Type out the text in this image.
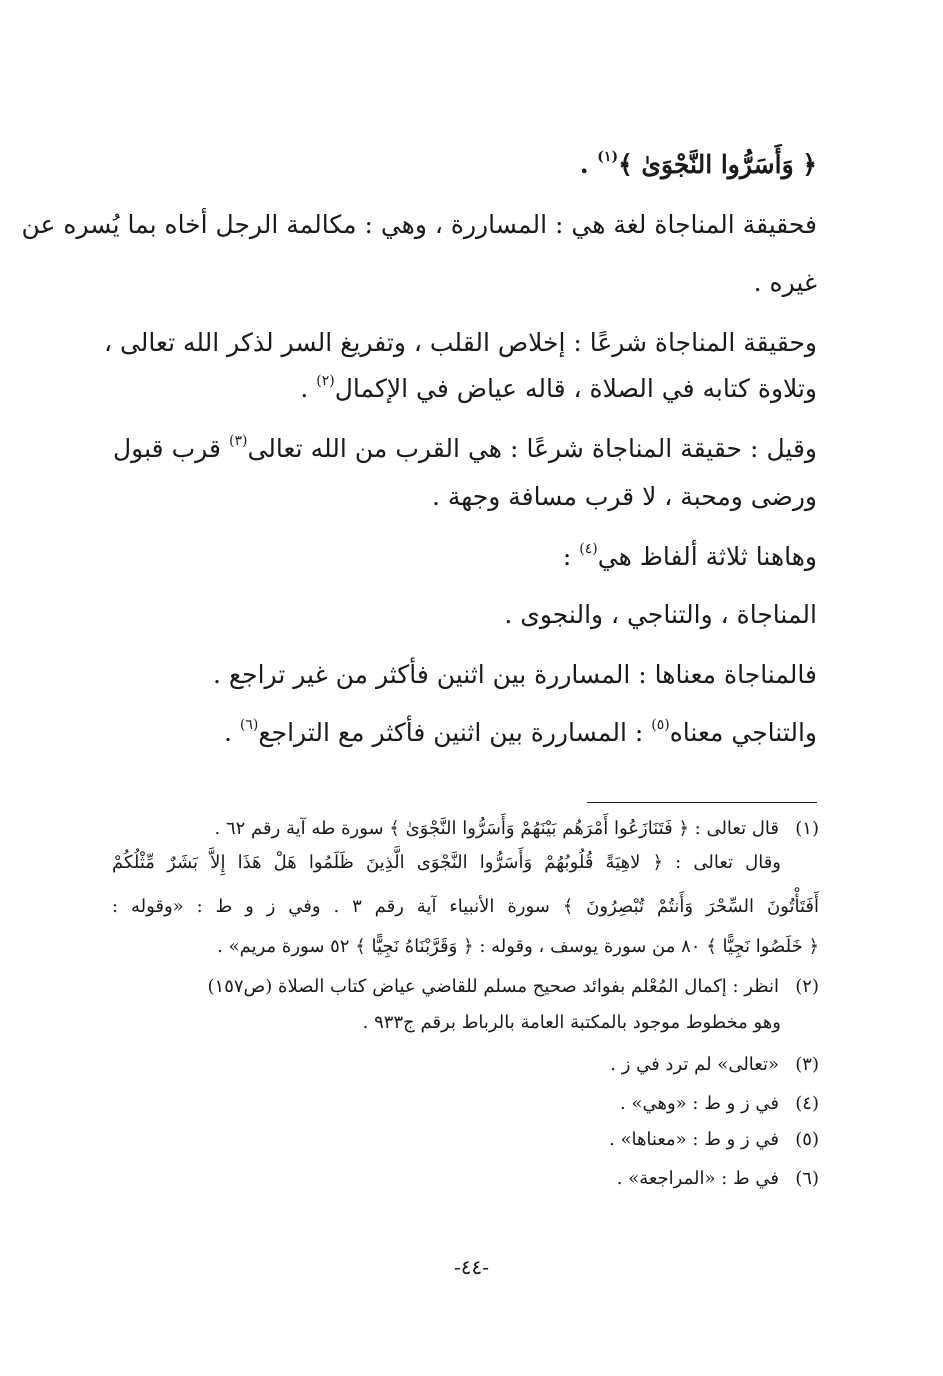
﴿ وَأَسَرُّوا النَّجْوَىٰ ﴾$^{(١)}$ .
فحقيقة المناجاة لغة هي : المساررة ، وهي : مكالمة الرجل أخاه بما يُسره عن
غيره .
وحقيقة المناجاة شرعًا : إخلاص القلب ، وتفريغ السر لذكر الله تعالى ،
وتلاوة كتابه في الصلاة ، قاله عياض في الإكمال$^{(٢)}$ .
وقيل : حقيقة المناجاة شرعًا : هي القرب من الله تعالى$^{(٣)}$ قرب قبول
ورضى ومحبة ، لا قرب مسافة وجهة .
وهاهنا ثلاثة ألفاظ هي$^{(٤)}$ :
المناجاة ، والتناجي ، والنجوى .
فالمناجاة معناها : المساررة بين اثنين فأكثر من غير تراجع .
والتناجي معناه$^{(٥)}$ : المساررة بين اثنين فأكثر مع التراجع$^{(٦)}$ .
(١)قال تعالى : ﴿ فَتَنَازَعُوا أَمْرَهُم بَيْنَهُمْ وَأَسَرُّوا النَّجْوَىٰ ﴾ سورة طه آية رقم ٦٢ .
وقال تعالى : ﴿ لاهِيَةً قُلُوبُهُمْ وَأَسَرُّوا النَّجْوَى الَّذِينَ ظَلَمُوا هَلْ هَذَا إِلاَّ بَشَرٌ مِّثْلُكُمْ
أَفَتَأْتُونَ السِّحْرَ وَأَنتُمْ تُبْصِرُونَ ﴾ سورة الأنبياء آية رقم ٣ . وفي ز و ط : «وقوله :
﴿ خَلَصُوا نَجِيًّا ﴾ ٨٠ من سورة يوسف ، وقوله : ﴿ وَقَرَّبْنَاهُ نَجِيًّا ﴾ ٥٢ سورة مريم» .
(٢)انظر : إكمال المُعْلم بفوائد صحيح مسلم للقاضي عياض كتاب الصلاة (ص١٥٧)
وهو مخطوط موجود بالمكتبة العامة بالرباط برقم ج٩٣٣ .
(٣)«تعالى» لم ترد في ز .
(٤)في ز و ط : «وهي» .
(٥)في ز و ط : «معناها» .
(٦)في ط : «المراجعة» .
-٤٤-
